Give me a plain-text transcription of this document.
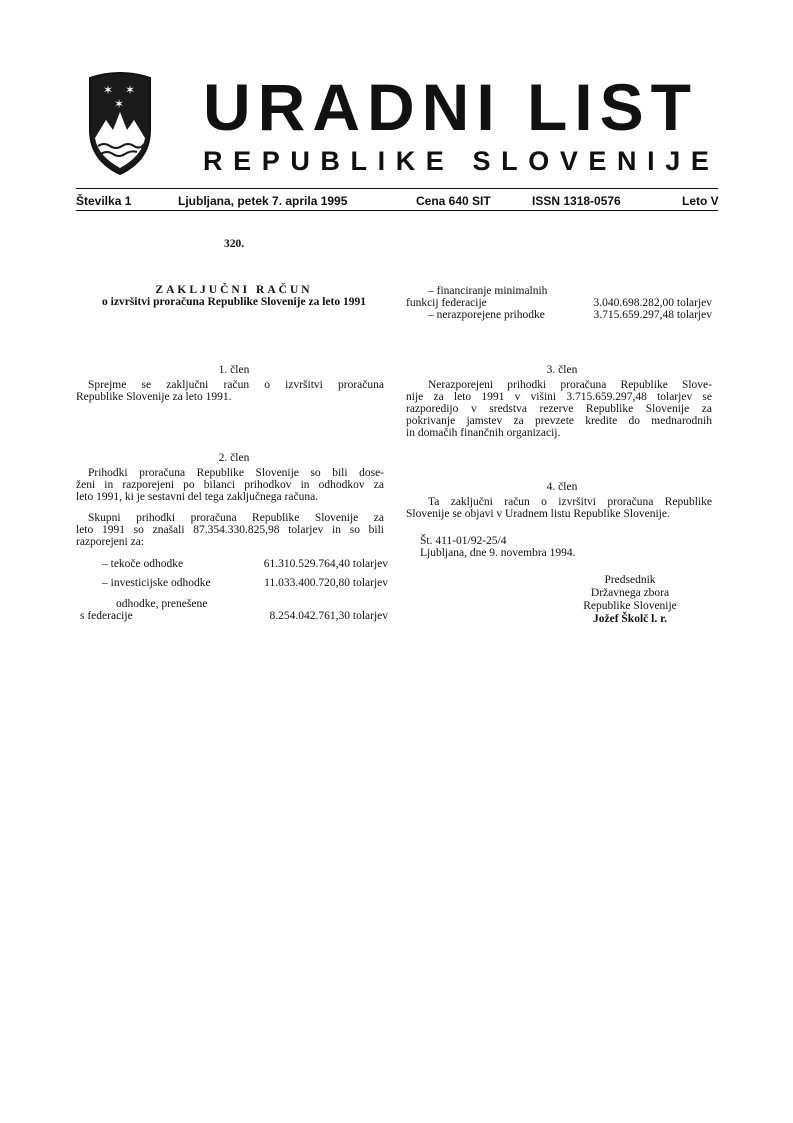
✶ ✶
✶ URADNI LIST
REPUBLIKE SLOVENIJE
Številka 1	Ljubljana, petek 7. aprila 1995	Cena 640 SIT	ISSN 1318-0576	Leto V
320.
ZAKLJUČNI RAČUN
o izvršitvi proračuna Republike Slovenije za leto 1991
1. člen
Sprejme se zaključni račun o izvršitvi proračuna
Republike Slovenije za leto 1991.
2. člen
Prihodki proračuna Republike Slovenije so bili dose-
ženi in razporejeni po bilanci prihodkov in odhodkov za
leto 1991, ki je sestavni del tega zaključnega računa.
Skupni prihodki proračuna Republike Slovenije za
leto 1991 so znašali 87.354.330.825,98 tolarjev in so bili
razporejeni za:
– tekoče odhodke	61.310.529.764,40 tolarjev
– investicijske odhodke	11.033.400.720,80 tolarjev
odhodke, prenešene
s federacije	8.254.042.761,30 tolarjev
– financiranje minimalnih
funkcij federacije	3.040.698.282,00 tolarjev
– nerazporejene prihodke	3.715.659.297,48 tolarjev
3. člen
Nerazporejeni prihodki proračuna Republike Slove-
nije za leto 1991 v višini 3.715.659.297,48 tolarjev se
razporedijo v sredstva rezerve Republike Slovenije za
pokrivanje jamstev za prevzete kredite do mednarodnih
in domačih finančnih organizacij.
4. člen
Ta zaključni račun o izvršitvi proračuna Republike
Slovenije se objavi v Uradnem listu Republike Slovenije.
Št. 411-01/92-25/4
Ljubljana, dne 9. novembra 1994.
Predsednik
Državnega zbora
Republike Slovenije
Jožef Školč l. r.
